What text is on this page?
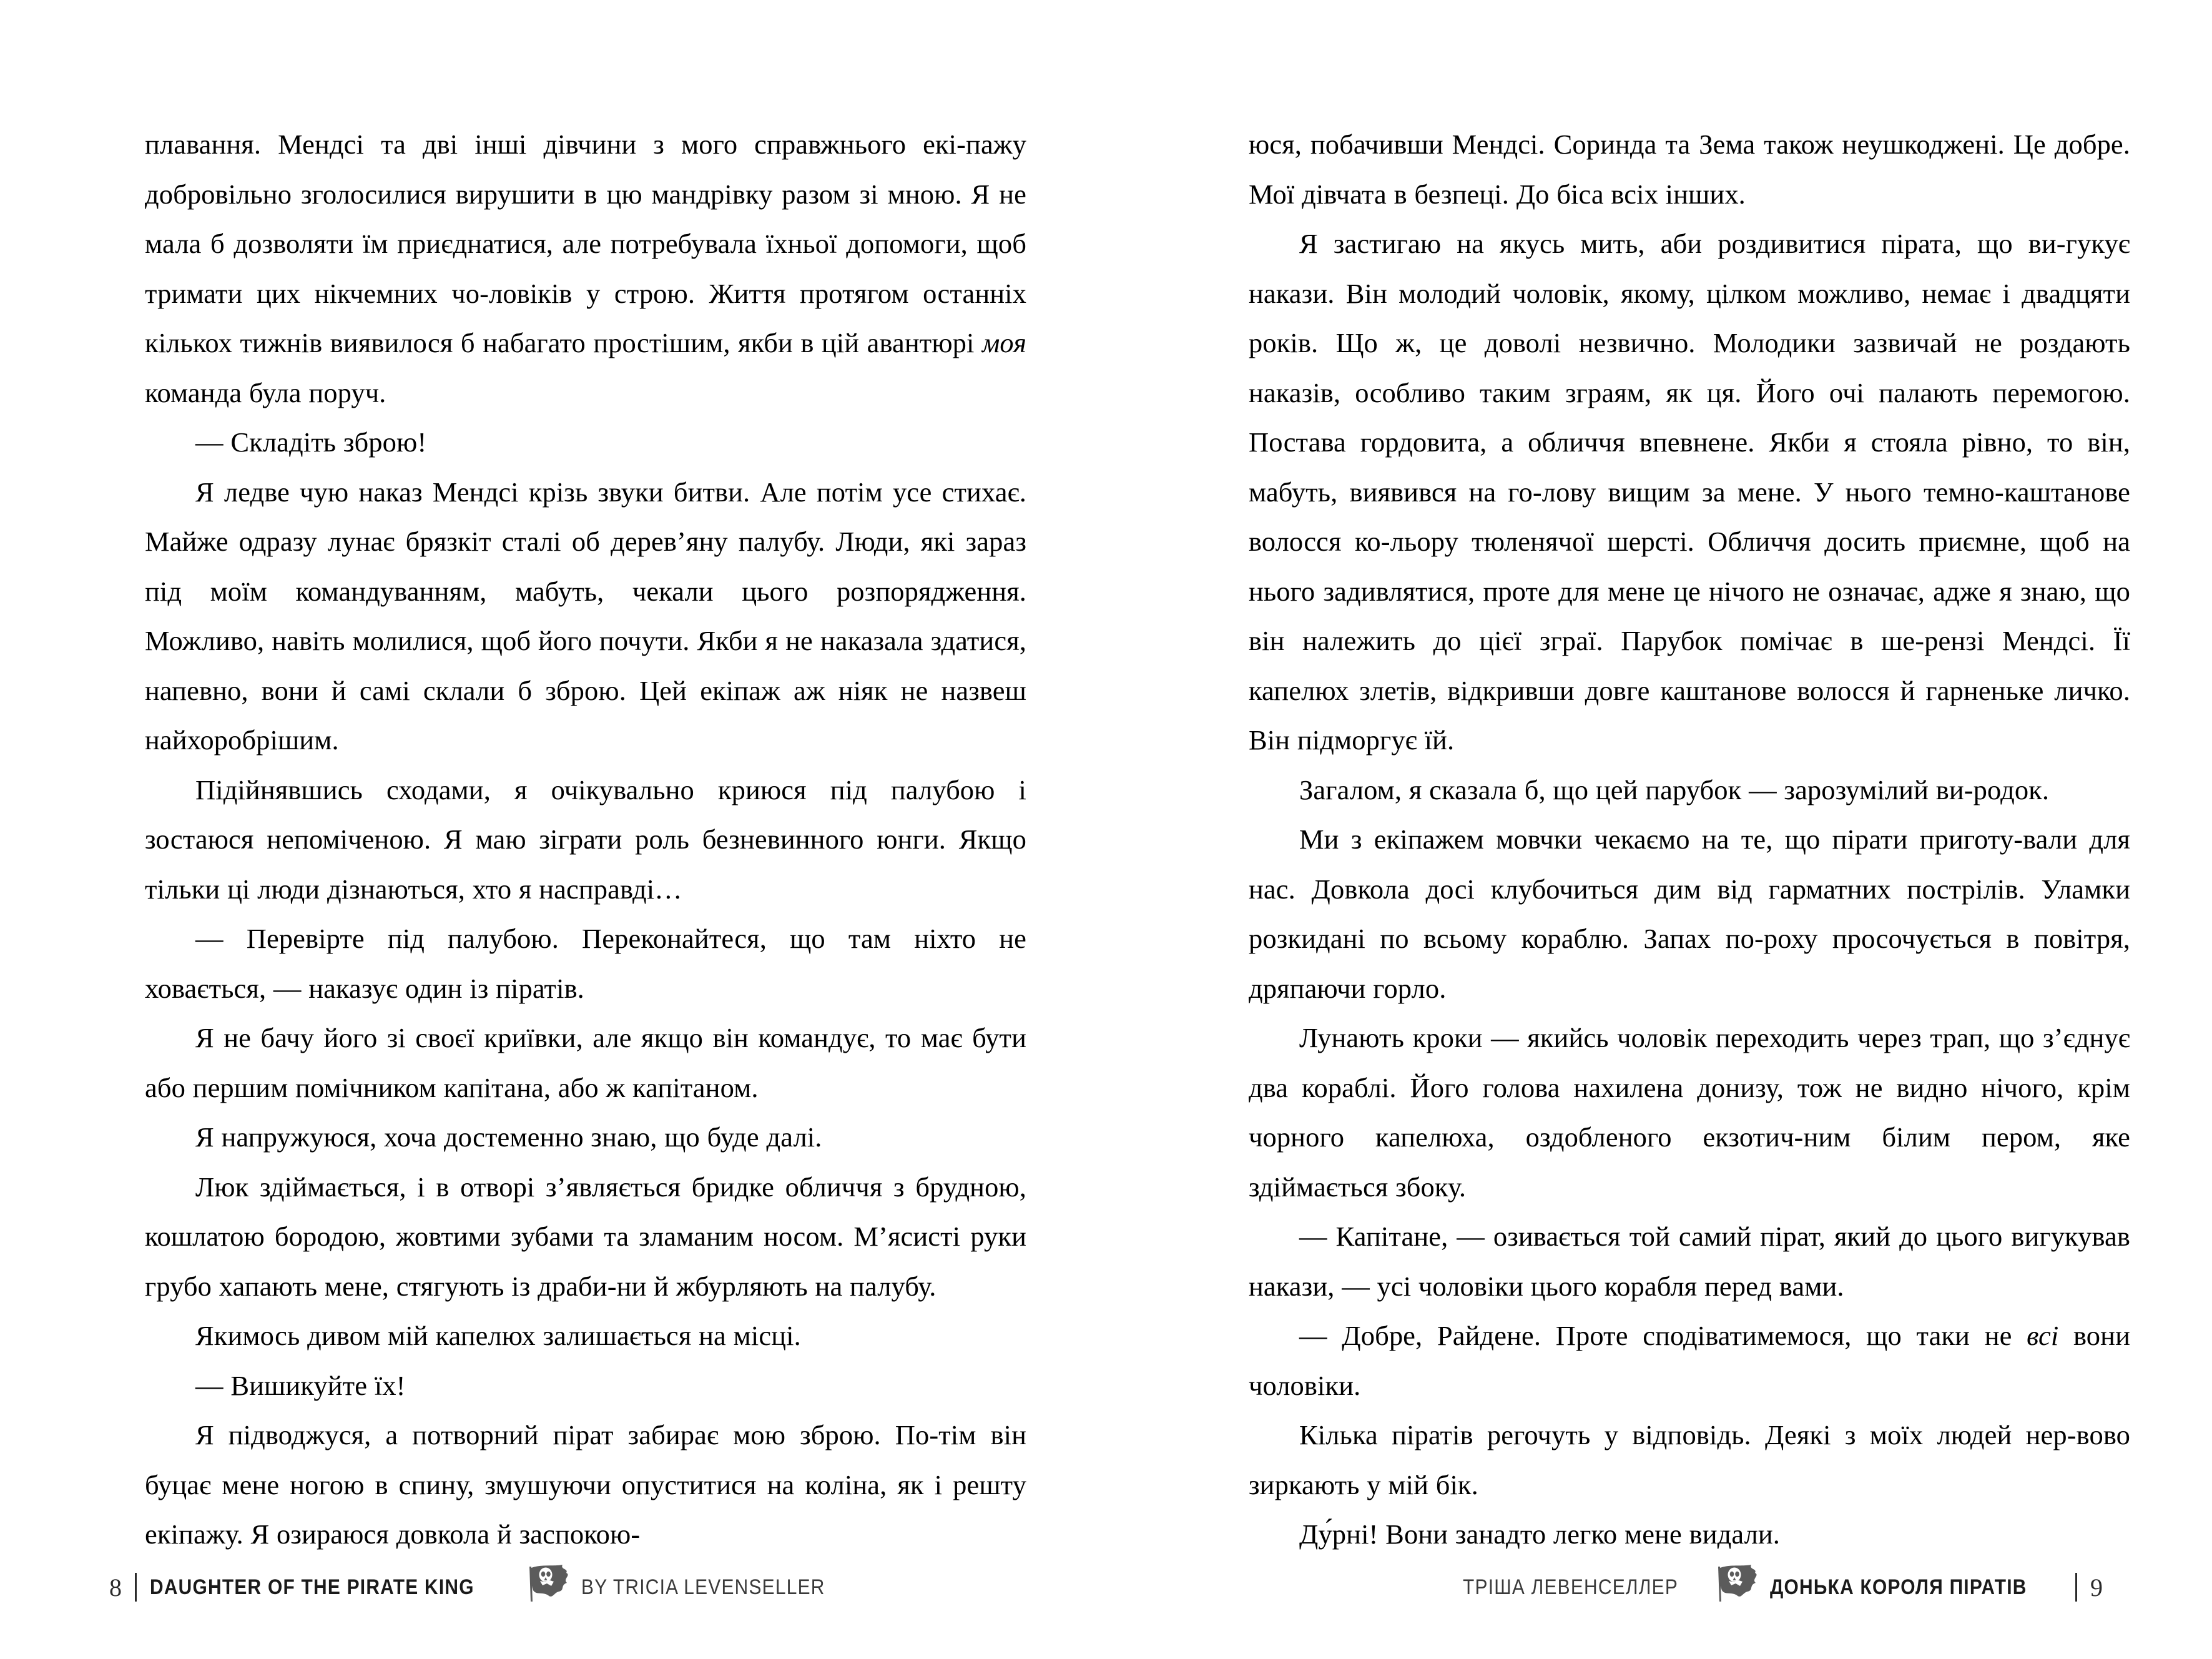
плавання. Мендсі та дві інші дівчини з мого справжнього екі-пажу добровільно зголосилися вирушити в цю мандрівку разом зі мною. Я не мала б дозволяти їм приєднатися, але потребувала їхньої допомоги, щоб тримати цих нікчемних чо-ловіків у строю. Життя протягом останніх кількох тижнів виявилося б набагато простішим, якби в цій авантюрі моя команда була поруч.

— Складіть зброю!

Я ледве чую наказ Мендсі крізь звуки битви. Але потім усе стихає. Майже одразу лунає брязкіт сталі об дерев’яну палубу. Люди, які зараз під моїм командуванням, мабуть, чекали цього розпорядження. Можливо, навіть молилися, щоб його почути. Якби я не наказала здатися, напевно, вони й самі склали б зброю. Цей екіпаж аж ніяк не назвеш найхоробрішим.

Підійнявшись сходами, я очікувально криюся під палубою і зостаюся непоміченою. Я маю зіграти роль безневинного юнги. Якщо тільки ці люди дізнаються, хто я насправді…

— Перевірте під палубою. Переконайтеся, що там ніхто не ховається, — наказує один із піратів.

Я не бачу його зі своєї криївки, але якщо він командує, то має бути або першим помічником капітана, або ж капітаном.

Я напружуюся, хоча достеменно знаю, що буде далі.

Люк здіймається, і в отворі з’являється бридке обличчя з брудною, кошлатою бородою, жовтими зубами та зламаним носом. М’ясисті руки грубо хапають мене, стягують із драби-ни й жбурляють на палубу.

Якимось дивом мій капелюх залишається на місці.

— Вишикуйте їх!

Я підводжуся, а потворний пірат забирає мою зброю. По-тім він буцає мене ногою в спину, змушуючи опуститися на коліна, як і решту екіпажу. Я озираюся довкола й заспокою-

8 DAUGHTER OF THE PIRATE KING	BY TRICIA LEVENSELLER

юся, побачивши Мендсі. Соринда та Зема також неушкоджені. Це добре. Мої дівчата в безпеці. До біса всіх інших.

Я застигаю на якусь мить, аби роздивитися пірата, що ви-гукує накази. Він молодий чоловік, якому, цілком можливо, немає і двадцяти років. Що ж, це доволі незвично. Молодики зазвичай не роздають наказів, особливо таким зграям, як ця. Його очі палають перемогою. Постава гордовита, а обличчя впевнене. Якби я стояла рівно, то він, мабуть, виявився на го-лову вищим за мене. У нього темно-каштанове волосся ко-льору тюленячої шерсті. Обличчя досить приємне, щоб на нього задивлятися, проте для мене це нічого не означає, адже я знаю, що він належить до цієї зграї. Парубок помічає в ше-рензі Мендсі. Її капелюх злетів, відкривши довге каштанове волосся й гарненьке личко. Він підморгує їй.

Загалом, я сказала б, що цей парубок — зарозумілий ви-родок.

Ми з екіпажем мовчки чекаємо на те, що пірати приготу-вали для нас. Довкола досі клубочиться дим від гарматних пострілів. Уламки розкидані по всьому кораблю. Запах по-роху просочується в повітря, дряпаючи горло.

Лунають кроки — якийсь чоловік переходить через трап, що з’єднує два кораблі. Його голова нахилена донизу, тож не видно нічого, крім чорного капелюха, оздобленого екзотич-ним білим пером, яке здіймається збоку.

— Капітане, — озивається той самий пірат, який до цього вигукував накази, — усі чоловіки цього корабля перед вами.

— Добре, Райдене. Проте сподіватимемося, що таки не всі вони чоловіки.

Кілька піратів регочуть у відповідь. Деякі з моїх людей нер-вово зиркають у мій бік.

Ду́рні! Вони занадто легко мене видали.

ТРІША ЛЕВЕНСЕЛЛЕР	ДОНЬКА КОРОЛЯ ПІРАТІВ	9
